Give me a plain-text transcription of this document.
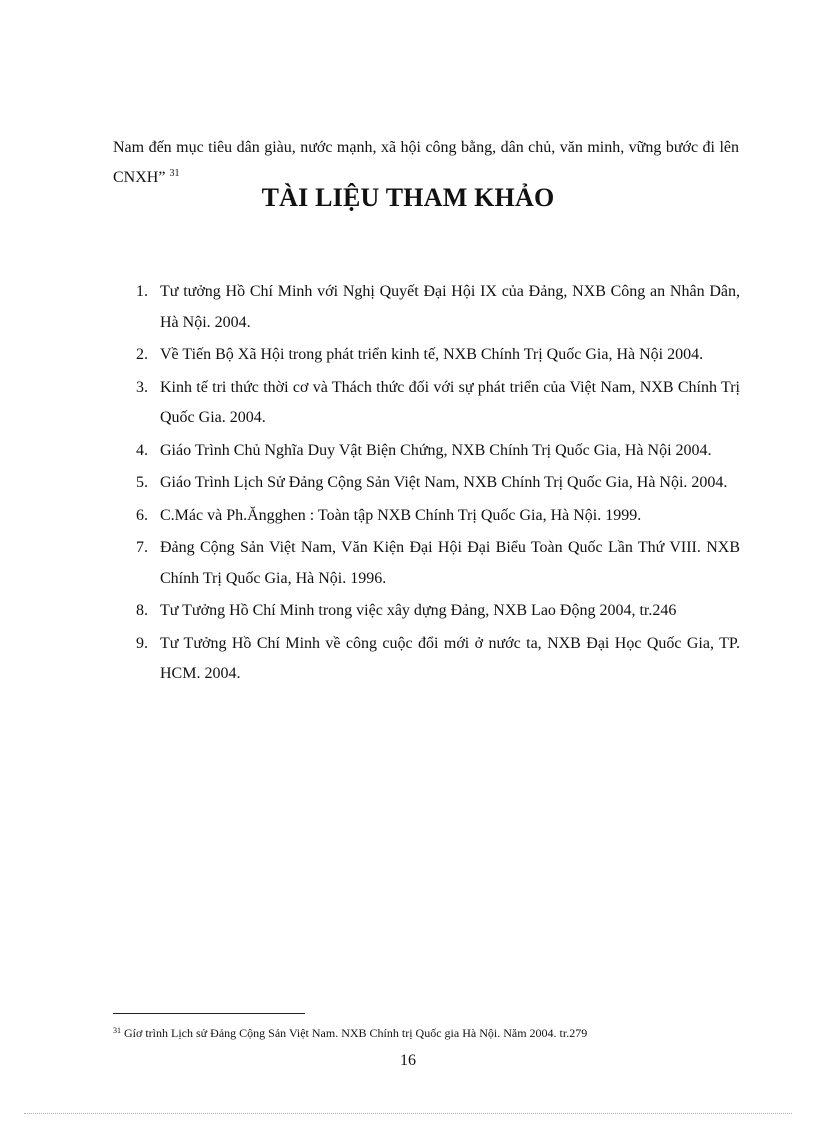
Nam đến mục tiêu dân giàu, nước mạnh, xã hội công bằng, dân chủ, văn minh, vững bước đi lên CNXH” $^{31}$

TÀI LIỆU THAM KHẢO
1. Tư tưởng Hồ Chí Minh với Nghị Quyết Đại Hội IX của Đảng, NXB Công an Nhân Dân, Hà Nội. 2004.
2. Về Tiến Bộ Xã Hội trong phát triển kinh tế, NXB Chính Trị Quốc Gia, Hà Nội 2004.
3. Kinh tế tri thức thời cơ và Thách thức đối với sự phát triển của Việt Nam, NXB Chính Trị Quốc Gia. 2004.
4. Giáo Trình Chủ Nghĩa Duy Vật Biện Chứng, NXB Chính Trị Quốc Gia, Hà Nội 2004.
5. Giáo Trình Lịch Sử Đảng Cộng Sản Việt Nam, NXB Chính Trị Quốc Gia, Hà Nội. 2004.
6. C.Mác và Ph.Ăngghen : Toàn tập NXB Chính Trị Quốc Gia, Hà Nội. 1999.
7. Đảng Cộng Sản Việt Nam, Văn Kiện Đại Hội Đại Biểu Toàn Quốc Lần Thứ VIII. NXB Chính Trị Quốc Gia, Hà Nội. 1996.
8. Tư Tưởng Hồ Chí Minh trong việc xây dựng Đảng, NXB Lao Động 2004, tr.246
9. Tư Tưởng Hồ Chí Minh về công cuộc đổi mới ở nước ta, NXB Đại Học Quốc Gia, TP. HCM. 2004.
$^{31}$ Gíơ trình Lịch sử Đảng Cộng Sản Việt Nam. NXB Chính trị Quốc gia Hà Nội. Năm 2004. tr.279
16
